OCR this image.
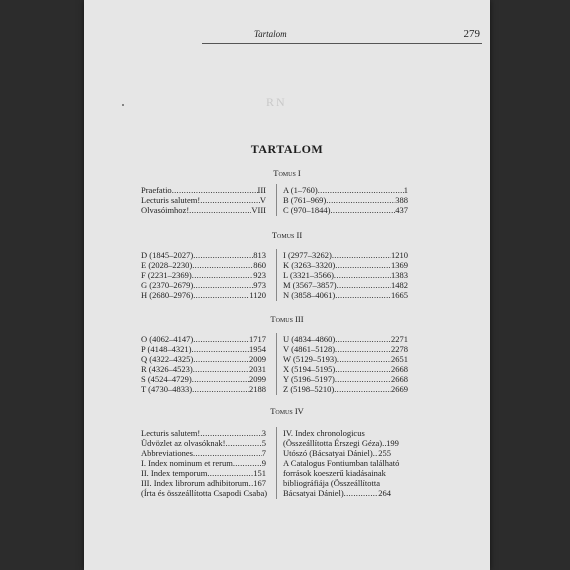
Tartalom	279
RN
TARTALOM
Tomus I
Praefatio .....	III
Lecturis salutem! .....	V
Olvasóimhoz! .....	VIII
A (1–760) .....	1
B (761–969) .....	388
C (970–1844) .....	437
Tomus II
D (1845–2027) .....	813
E (2028–2230) .....	860
F (2231–2369) .....	923
G (2370–2679) .....	973
H (2680–2976) .....	1120
I (2977–3262) .....	1210
K (3263–3320) .....	1369
L (3321–3566) .....	1383
M (3567–3857) .....	1482
N (3858–4061) .....	1665
Tomus III
O (4062–4147) .....	1717
P (4148–4321) .....	1954
Q (4322–4325) .....	2009
R (4326–4523) .....	2031
S (4524–4729) .....	2099
T (4730–4833) .....	2188
U (4834–4860) .....	2271
V (4861–5128) .....	2278
W (5129–5193) .....	2651
X (5194–5195) .....	2668
Y (5196–5197) .....	2668
Z (5198–5210) .....	2669
Tomus IV
Lecturis salutem! .....	3
Üdvözlet az olvasóknak! .....	5
Abbreviationes .....	7
I. Index nominum et rerum .....	9
II. Index temporum .....	151
III. Index librorum adhibitorum ..... 167
(Írta és összeállította Csapodi Csaba)
IV. Index chronologicus
(Összeállította Érszegi Géza) ..... 199
Utószó (Bácsatyai Dániel) ..... 255
A Catalogus Fontiumban található
források koeszerű kiadásainak
bibliográfiája (Összeállította
Bácsatyai Dániel) .....	264
